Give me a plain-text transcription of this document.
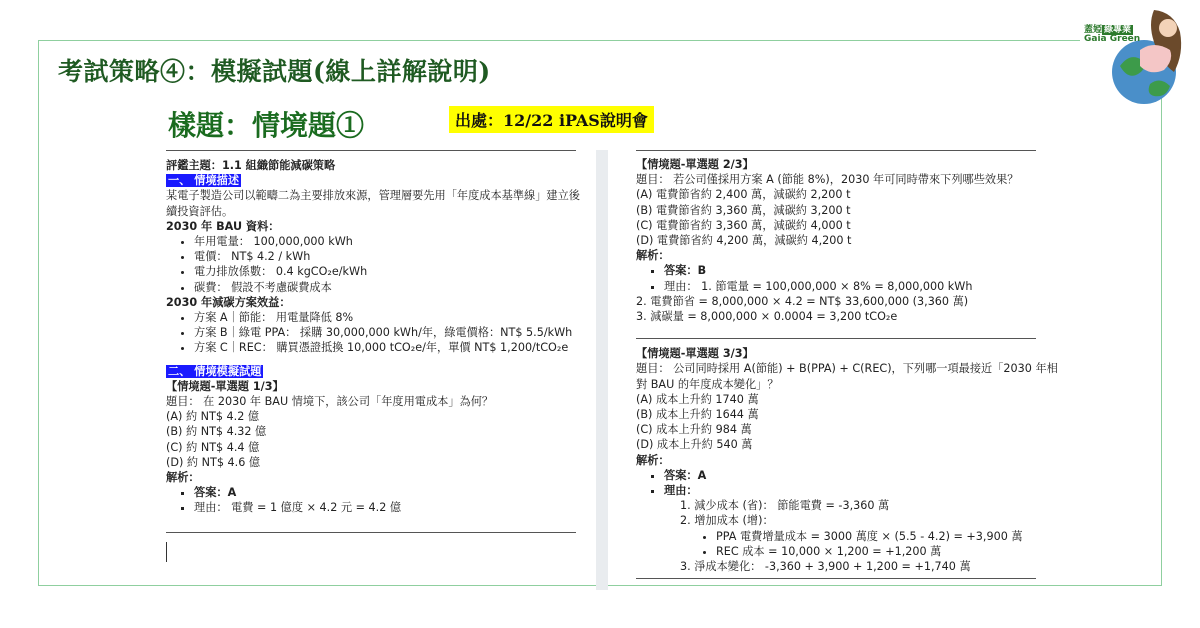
考試策略④：模擬試題(線上詳解說明)
樣題：情境題①	出處：12/22 iPAS說明會
蓋婭 綠專業
Gaia Green
評鑑主題：1.1 組織節能減碳策略
一、 情境描述
某電子製造公司以範疇二為主要排放來源，管理層要先用「年度成本基準線」建立後
續投資評估。
2030 年 BAU 資料：
• 年用電量： 100,000,000 kWh
• 電價： NT$ 4.2 / kWh
• 電力排放係數： 0.4 kgCO₂e/kWh
• 碳費： 假設不考慮碳費成本
2030 年減碳方案效益：
• 方案 A｜節能： 用電量降低 8%
• 方案 B｜綠電 PPA： 採購 30,000,000 kWh/年，綠電價格：NT$ 5.5/kWh
• 方案 C｜REC： 購買憑證抵換 10,000 tCO₂e/年，單價 NT$ 1,200/tCO₂e
二、 情境模擬試題
【情境題-單選題 1/3】
題目： 在 2030 年 BAU 情境下，該公司「年度用電成本」為何？
(A) 約 NT$ 4.2 億
(B) 約 NT$ 4.32 億
(C) 約 NT$ 4.4 億
(D) 約 NT$ 4.6 億
解析：
▪ 答案：A
▪ 理由： 電費 = 1 億度 × 4.2 元 = 4.2 億
【情境題-單選題 2/3】
題目： 若公司僅採用方案 A (節能 8%)，2030 年可同時帶來下列哪些效果？
(A) 電費節省約 2,400 萬，減碳約 2,200 t
(B) 電費節省約 3,360 萬，減碳約 3,200 t
(C) 電費節省約 3,360 萬，減碳約 4,000 t
(D) 電費節省約 4,200 萬，減碳約 4,200 t
解析：
▪ 答案：B
▪ 理由： 1. 節電量 = 100,000,000 × 8% = 8,000,000 kWh
2. 電費節省 = 8,000,000 × 4.2 = NT$ 33,600,000 (3,360 萬)
3. 減碳量 = 8,000,000 × 0.0004 = 3,200 tCO₂e
【情境題-單選題 3/3】
題目： 公司同時採用 A(節能) + B(PPA) + C(REC)，下列哪一項最接近「2030 年相
對 BAU 的年度成本變化」？
(A) 成本上升約 1740 萬
(B) 成本上升約 1644 萬
(C) 成本上升約 984 萬
(D) 成本上升約 540 萬
解析：
▪ 答案：A
▪ 理由：
1. 減少成本 (省)： 節能電費 = -3,360 萬
2. 增加成本 (增)：
• PPA 電費增量成本 = 3000 萬度 × (5.5 - 4.2) = +3,900 萬
• REC 成本 = 10,000 × 1,200 = +1,200 萬
3. 淨成本變化： -3,360 + 3,900 + 1,200 = +1,740 萬
